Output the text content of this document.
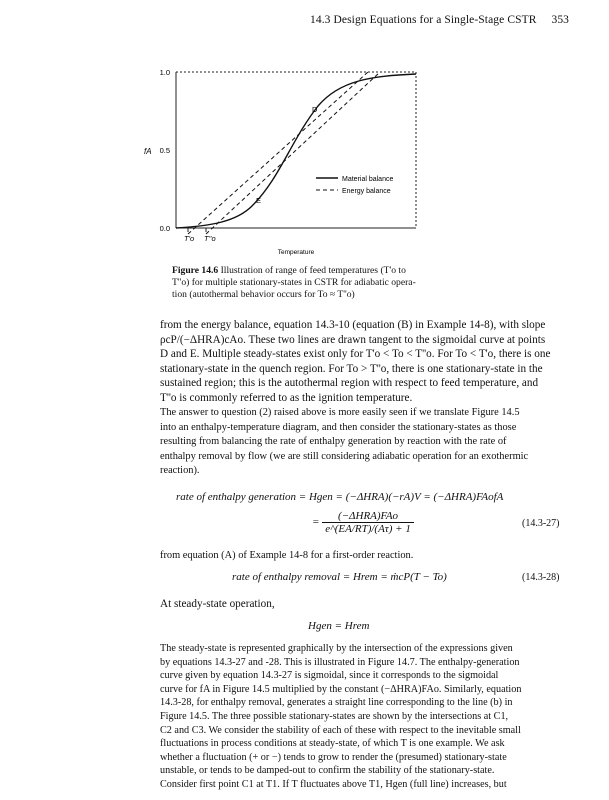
14.3 Design Equations for a Single-Stage CSTR 353
1.0
0.5
0.0
fA
T'o T''o
Temperature
D
E
Material balance
Energy balance
Figure 14.6 Illustration of range of feed temperatures (T'o to
T''o) for multiple stationary-states in CSTR for adiabatic opera-
tion (autothermal behavior occurs for To ≈ T''o)
from the energy balance, equation 14.3-10 (equation (B) in Example 14-8), with slope
ρcP/(−ΔHRA)cAo. These two lines are drawn tangent to the sigmoidal curve at points
D and E. Multiple steady-states exist only for T'o < To < T''o. For To < T'o, there is one
stationary-state in the quench region. For To > T''o, there is one stationary-state in the
sustained region; this is the autothermal region with respect to feed temperature, and
T''o is commonly referred to as the ignition temperature.
The answer to question (2) raised above is more easily seen if we translate Figure 14.5
into an enthalpy-temperature diagram, and then consider the stationary-states as those
resulting from balancing the rate of enthalpy generation by reaction with the rate of
enthalpy removal by flow (we are still considering adiabatic operation for an exothermic
reaction).
rate of enthalpy generation = Hgen = (−ΔHRA)(−rA)V = (−ΔHRA)FAofA
= $\frac{\text{(−ΔHRA)FAo}}{e\^{}(EA/RT)/(A\tau) + 1}$	(14.3-27)
from equation (A) of Example 14-8 for a first-order reaction.
rate of enthalpy removal = Hrem = ṁcP(T − To)	(14.3-28)
At steady-state operation,
Hgen = Hrem
The steady-state is represented graphically by the intersection of the expressions given
by equations 14.3-27 and -28. This is illustrated in Figure 14.7. The enthalpy-generation
curve given by equation 14.3-27 is sigmoidal, since it corresponds to the sigmoidal
curve for fA in Figure 14.5 multiplied by the constant (−ΔHRA)FAo. Similarly, equation
14.3-28, for enthalpy removal, generates a straight line corresponding to the line (b) in
Figure 14.5. The three possible stationary-states are shown by the intersections at C1,
C2 and C3. We consider the stability of each of these with respect to the inevitable small
fluctuations in process conditions at steady-state, of which T is one example. We ask
whether a fluctuation (+ or −) tends to grow to render the (presumed) stationary-state
unstable, or tends to be damped-out to confirm the stability of the stationary-state.
Consider first point C1 at T1. If T fluctuates above T1, Hgen (full line) increases, but
